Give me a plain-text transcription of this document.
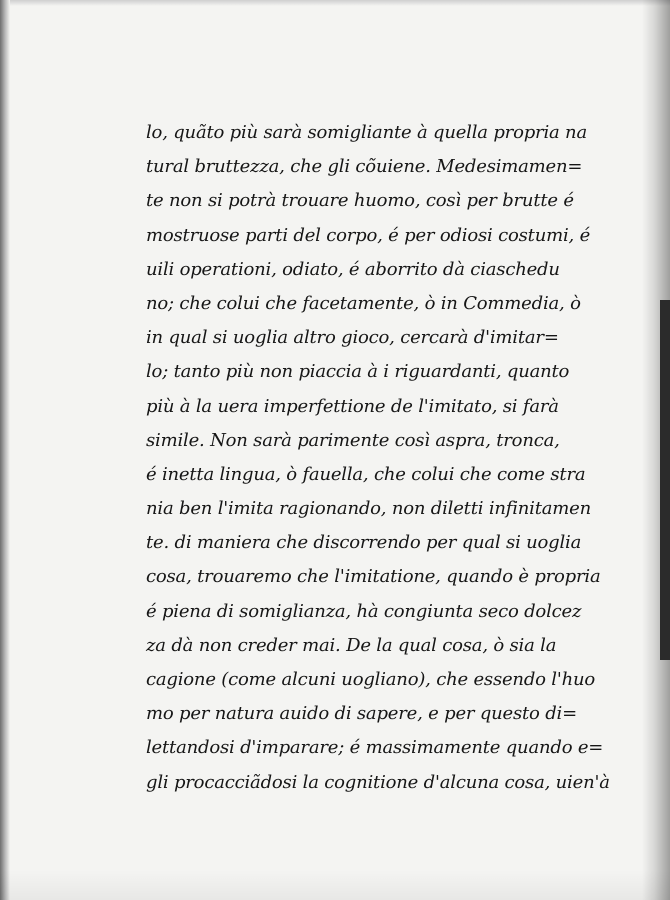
lo, quãto più sarà somigliante à quella propria na
tural bruttezza, che gli cõuiene. Medesimamen=
te non si potrà trouare huomo, così per brutte é
mostruose parti del corpo, é per odiosi costumi, é
uili operationi, odiato, é aborrito dà ciaschedu
no; che colui che facetamente, ò in Commedia, ò
in qual si uoglia altro gioco, cercarà d'imitar=
lo; tanto più non piaccia à i riguardanti, quanto
più à la uera imperfettione de l'imitato, si farà
simile. Non sarà parimente così aspra, tronca,
é inetta lingua, ò fauella, che colui che come stra
nia ben l'imita ragionando, non diletti infinitamen
te. di maniera che discorrendo per qual si uoglia
cosa, trouaremo che l'imitatione, quando è propria
é piena di somiglianza, hà congiunta seco dolcez
za dà non creder mai. De la qual cosa, ò sia la
cagione (come alcuni uogliano), che essendo l'huo
mo per natura auido di sapere, e per questo di=
lettandosi d'imparare; é massimamente quando e=
gli procacciãdosi la cognitione d'alcuna cosa, uien'à
